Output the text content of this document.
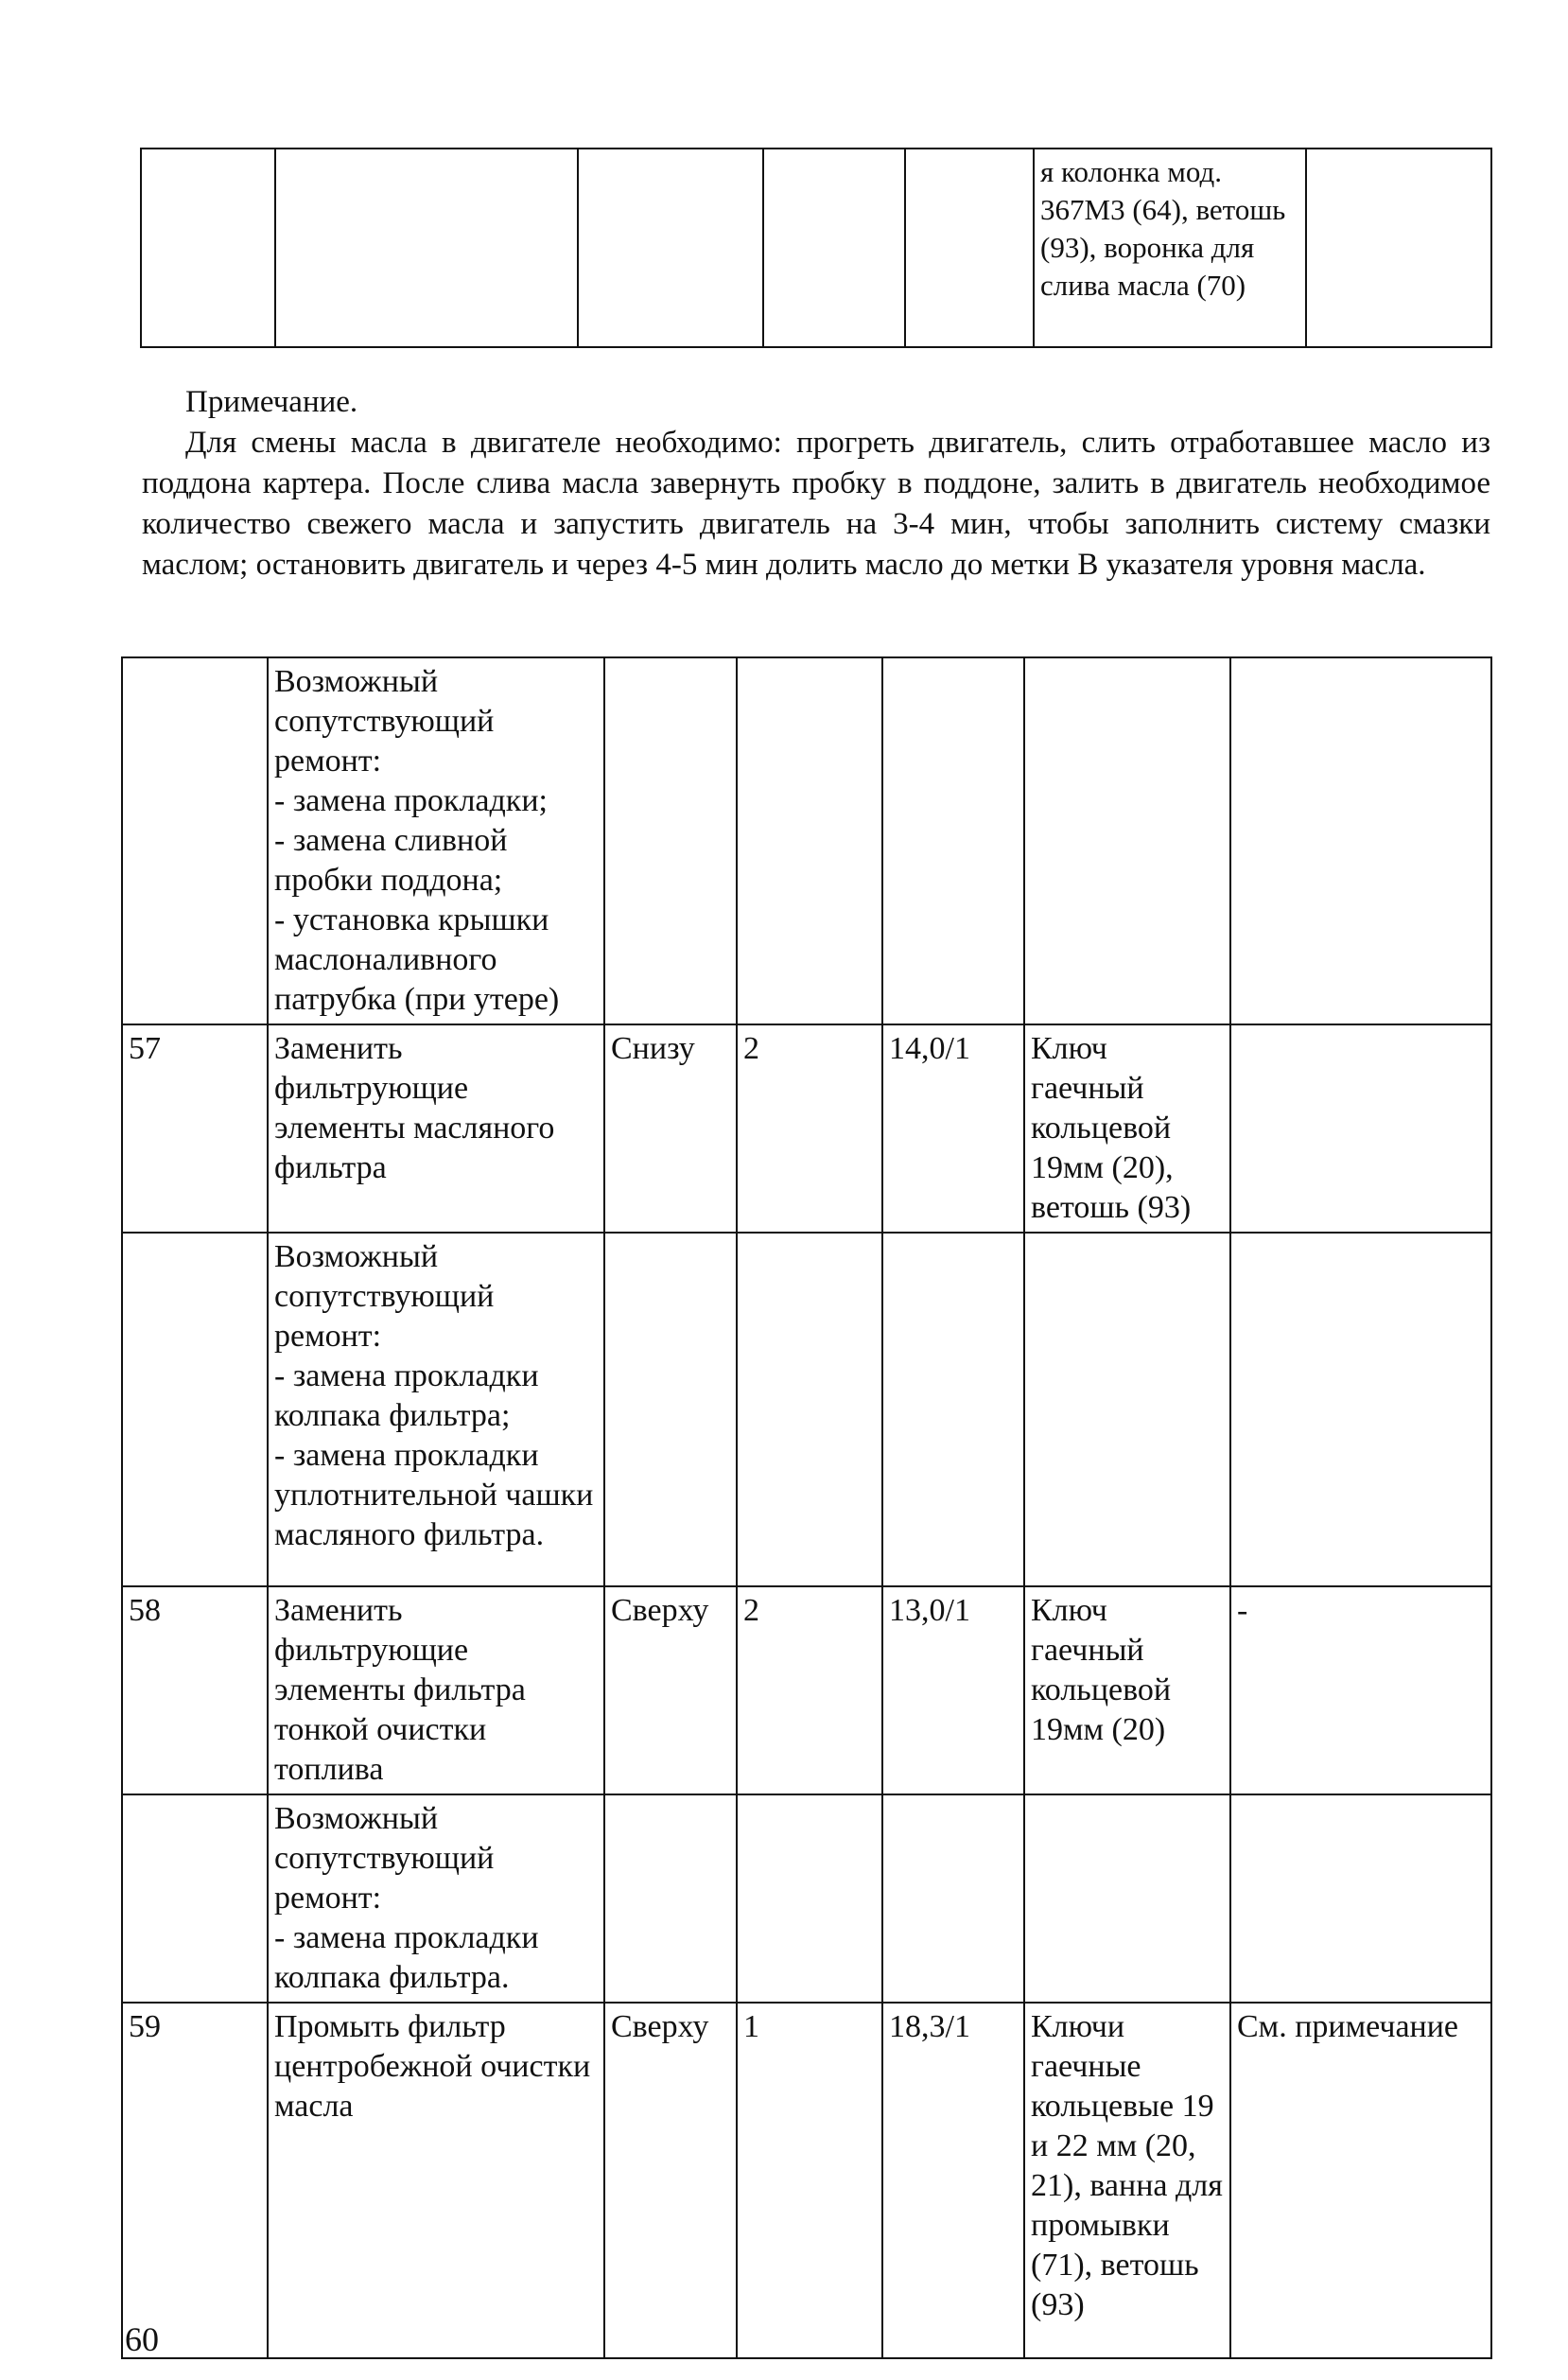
					я колонка мод. 367М3 (64), ветошь (93), воронка для слива масла (70)	
Примечание.
Для смены масла в двигателе необходимо: прогреть двигатель, слить отработавшее масло из поддона картера. После слива масла завернуть пробку в поддоне, залить в двигатель необходимое количество свежего масла и запустить двигатель на 3-4 мин, чтобы заполнить систему смазки маслом; остановить двигатель и через 4-5 мин долить масло до метки В указателя уровня масла.
	Возможный сопутствующий ремонт:
- замена прокладки;
- замена сливной пробки поддона;
- установка крышки маслоналивного патрубка (при утере)					
57	Заменить фильтрующие элементы масляного фильтра	Снизу	2	14,0/1	Ключ гаечный кольцевой 19мм (20), ветошь (93)	
	Возможный сопутствующий ремонт:
- замена прокладки колпака фильтра;
- замена прокладки уплотнительной чашки масляного фильтра.					
58	Заменить фильтрующие элементы фильтра тонкой очистки топлива	Сверху	2	13,0/1	Ключ гаечный кольцевой 19мм (20)	-
	Возможный сопутствующий ремонт:
- замена прокладки колпака фильтра.					
59	Промыть фильтр центробежной очистки масла	Сверху	1	18,3/1	Ключи гаечные кольцевые 19 и 22 мм (20, 21), ванна для промывки (71), ветошь (93)	См. примечание
60
